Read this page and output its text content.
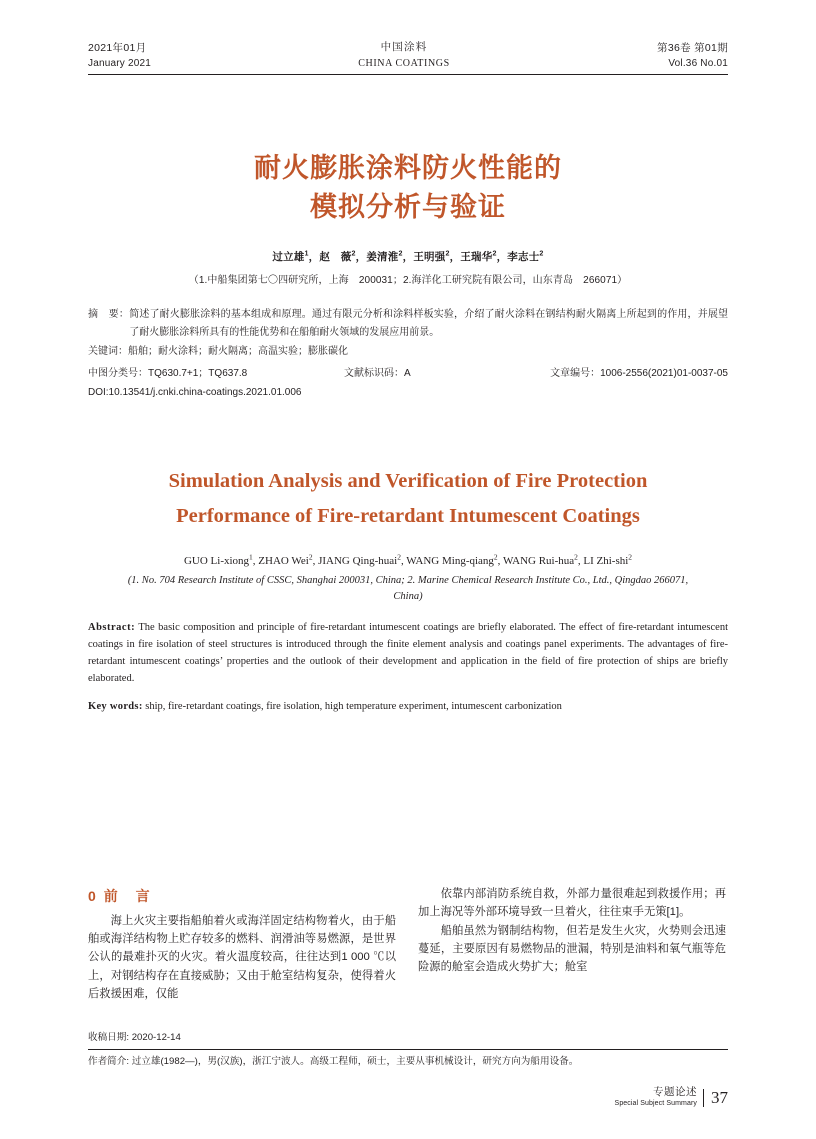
2021年01月
January 2021
中国涂料
CHINA COATINGS
第36卷 第01期
Vol.36 No.01
耐火膨胀涂料防火性能的
模拟分析与验证
过立雄$^1$，赵　薇$^2$，姜清淮$^2$，王明强$^2$，王瑞华$^2$，李志士$^2$
（1.中船集团第七〇四研究所，上海　200031；2.海洋化工研究院有限公司，山东青岛　266071）
摘　要： 简述了耐火膨胀涂料的基本组成和原理。通过有限元分析和涂料样板实验，介绍了耐火涂料在钢结构耐火隔离上所起到的作用，并展望了耐火膨胀涂料所具有的性能优势和在船舶耐火领域的发展应用前景。
关键词：船舶；耐火涂料；耐火隔离；高温实验；膨胀碳化
中图分类号：TQ630.7+1；TQ637.8	文献标识码：A	文章编号：1006-2556(2021)01-0037-05
DOI:10.13541/j.cnki.china-coatings.2021.01.006
Simulation Analysis and Verification of Fire Protection
Performance of Fire-retardant Intumescent Coatings
GUO Li-xiong$^1$, ZHAO Wei$^2$, JIANG Qing-huai$^2$, WANG Ming-qiang$^2$, WANG Rui-hua$^2$, LI Zhi-shi$^2$
(1. No. 704 Research Institute of CSSC, Shanghai 200031, China; 2. Marine Chemical Research Institute Co., Ltd., Qingdao 266071, China)

Abstract: The basic composition and principle of fire-retardant intumescent coatings are briefly elaborated. The effect of fire-retardant intumescent coatings in fire isolation of steel structures is introduced through the finite element analysis and coatings panel experiments. The advantages of fire-retardant intumescent coatings’ properties and the outlook of their development and application in the field of fire protection of ships are briefly elaborated.

Key words: ship, fire-retardant coatings, fire isolation, high temperature experiment, intumescent carbonization
0 前　言

海上火灾主要指船舶着火或海洋固定结构物着火，由于船舶或海洋结构物上贮存较多的燃料、润滑油等易燃源，是世界公认的最难扑灭的火灾。着火温度较高，往往达到1 000 ℃以上，对钢结构存在直接威胁；又由于舱室结构复杂，使得着火后救援困难，仅能

依靠内部消防系统自救，外部力量很难起到救援作用；再加上海况等外部环境导致一旦着火，往往束手无策[1]。

船舶虽然为钢制结构物，但若是发生火灾，火势则会迅速蔓延，主要原因有易燃物品的泄漏，特别是油料和氧气瓶等危险源的舱室会造成火势扩大；舱室

收稿日期: 2020-12-14
作者简介: 过立雄(1982—)，男(汉族)，浙江宁波人。高级工程师，硕士，主要从事机械设计，研究方向为船用设备。
专题论述
Special Subject Summary 37
